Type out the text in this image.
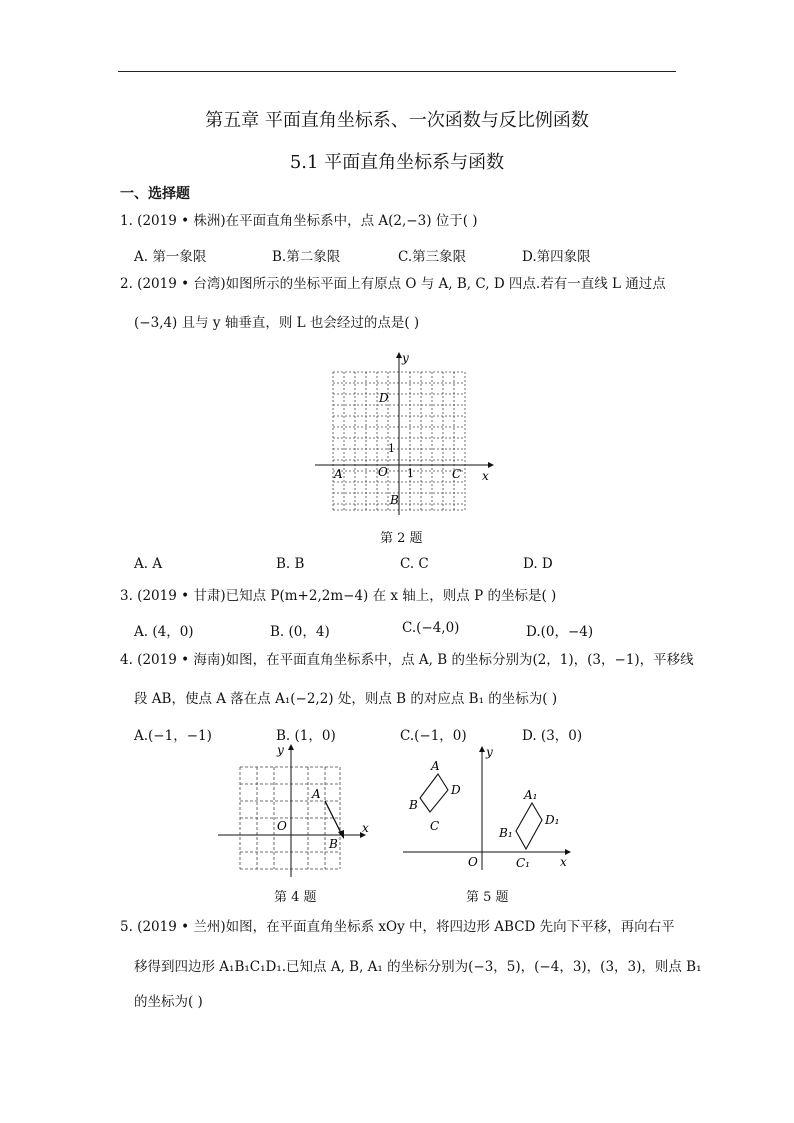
第五章 平面直角坐标系、一次函数与反比例函数
5.1 平面直角坐标系与函数
一、选择题
1. (2019 • 株洲)在平面直角坐标系中，点 A(2,−3) 位于( )
A. 第一象限	B.第二象限	C.第三象限	D.第四象限
2. (2019 • 台湾)如图所示的坐标平面上有原点 O 与 A, B, C, D 四点.若有一直线 L 通过点
(−3,4) 且与 y 轴垂直，则 L 也会经过的点是( )
y
x
D
1
A	O 1	C
B
第 2 题
A. A	B. B	C. C	D. D
3. (2019 • 甘肃)已知点 P(m+2,2m−4) 在 x 轴上，则点 P 的坐标是( )
A. (4，0)	B. (0，4)	C.(−4,0)	D.(0，−4)
4. (2019 • 海南)如图，在平面直角坐标系中，点 A, B 的坐标分别为(2，1)，(3，−1)，平移线
段 AB，使点 A 落在点 A₁(−2,2) 处，则点 B 的对应点 B₁ 的坐标为( )
A.(−1，−1)	B. (1，0)	C.(−1，0)	D. (3，0)
y
x
A
O
B
第 4 题
y
x
O
A
B
C
D	A₁
B₁
C₁
D₁
第 5 题
5. (2019 • 兰州)如图，在平面直角坐标系 xOy 中，将四边形 ABCD 先向下平移，再向右平
移得到四边形 A₁B₁C₁D₁.已知点 A, B, A₁ 的坐标分别为(−3，5)，(−4，3)，(3，3)，则点 B₁
的坐标为( )
